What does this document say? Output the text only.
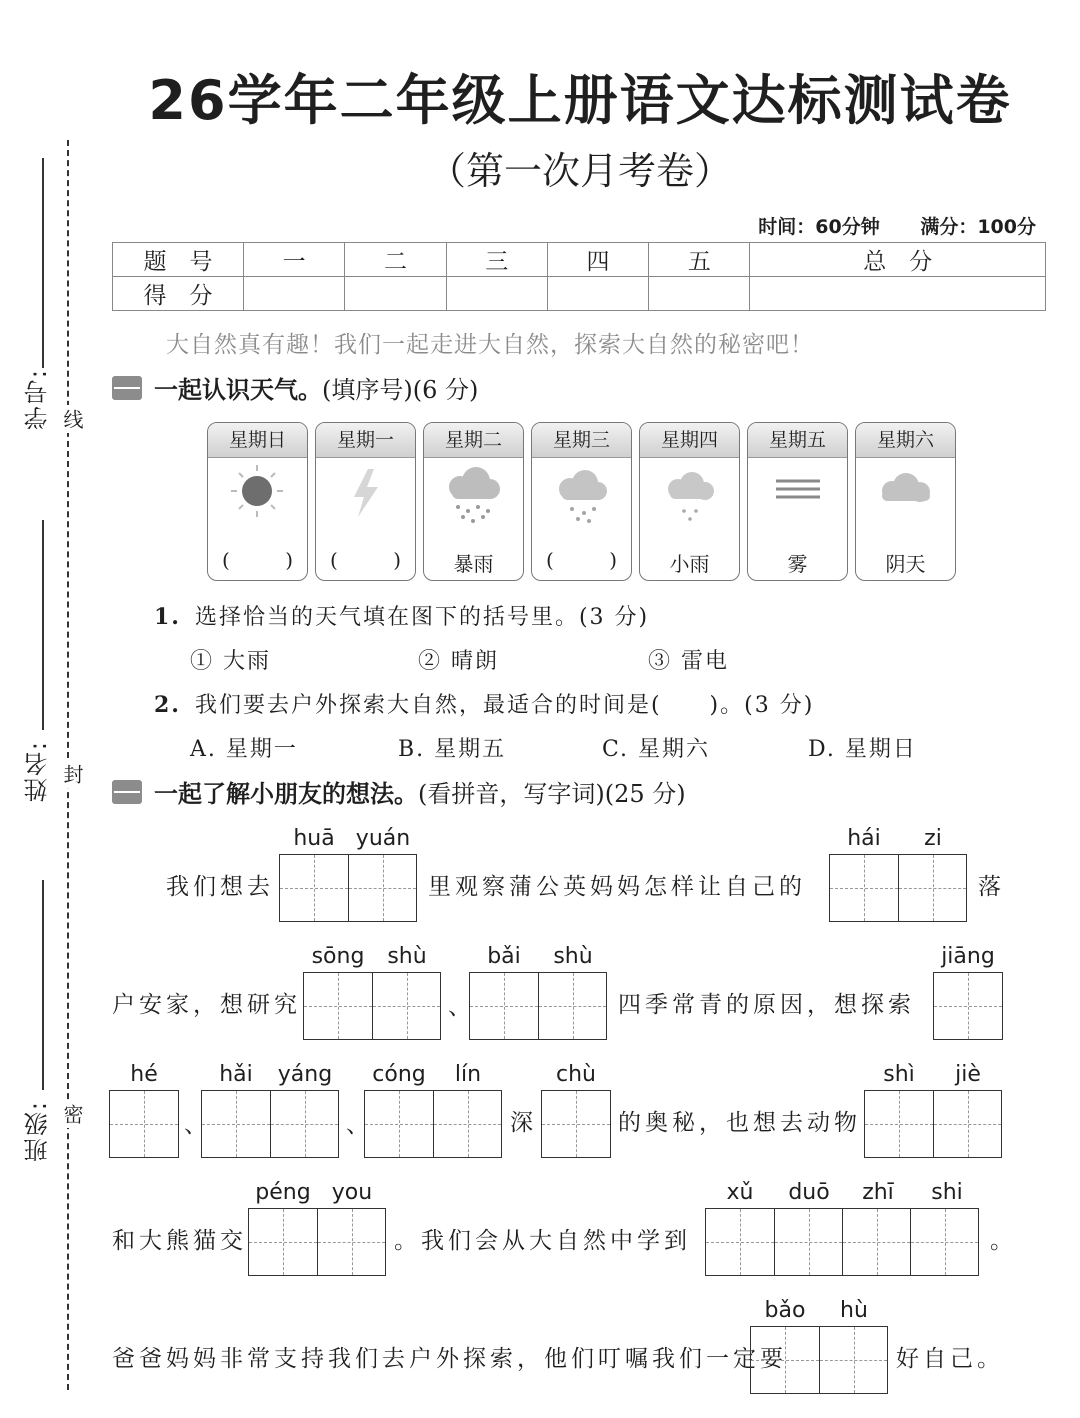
学号: 线
姓名: 封
班级: 密
26学年二年级上册语文达标测试卷
（第一次月考卷）
时间：60分钟 满分：100分
题　号	一	二	三	四	五	总　分
得　分						
大自然真有趣！我们一起走进大自然，探索大自然的秘密吧！
一起认识天气。(填序号)(6 分)
星期日
(	)
星期一
(	)
星期二
暴雨
星期三
(	)
星期四
小雨
星期五
雾
星期六
阴天
1. 选择恰当的天气填在图下的括号里。(3 分)
① 大雨	② 晴朗	③ 雷电
2. 我们要去户外探索大自然，最适合的时间是(　　)。(3 分)
A. 星期一	B. 星期五	C. 星期六	D. 星期日
一起了解小朋友的想法。(看拼音，写字词)(25 分)
我们想去
huā yuán
里观察蒲公英妈妈怎样让自己的
hái	zi
落
户安家，想研究
sōng	shù
、
bǎi	shù
四季常青的原因，想探索
jiāng
hé
、
hǎi	yáng
、
cóng	lín
深
chù
的奥秘，也想去动物
shì	jiè
和大熊猫交
péng you
。我们会从大自然中学到
xǔ	duō	zhī	shi
。
爸爸妈妈非常支持我们去户外探索，他们叮嘱我们一定要
bǎo	hù
好自己。
